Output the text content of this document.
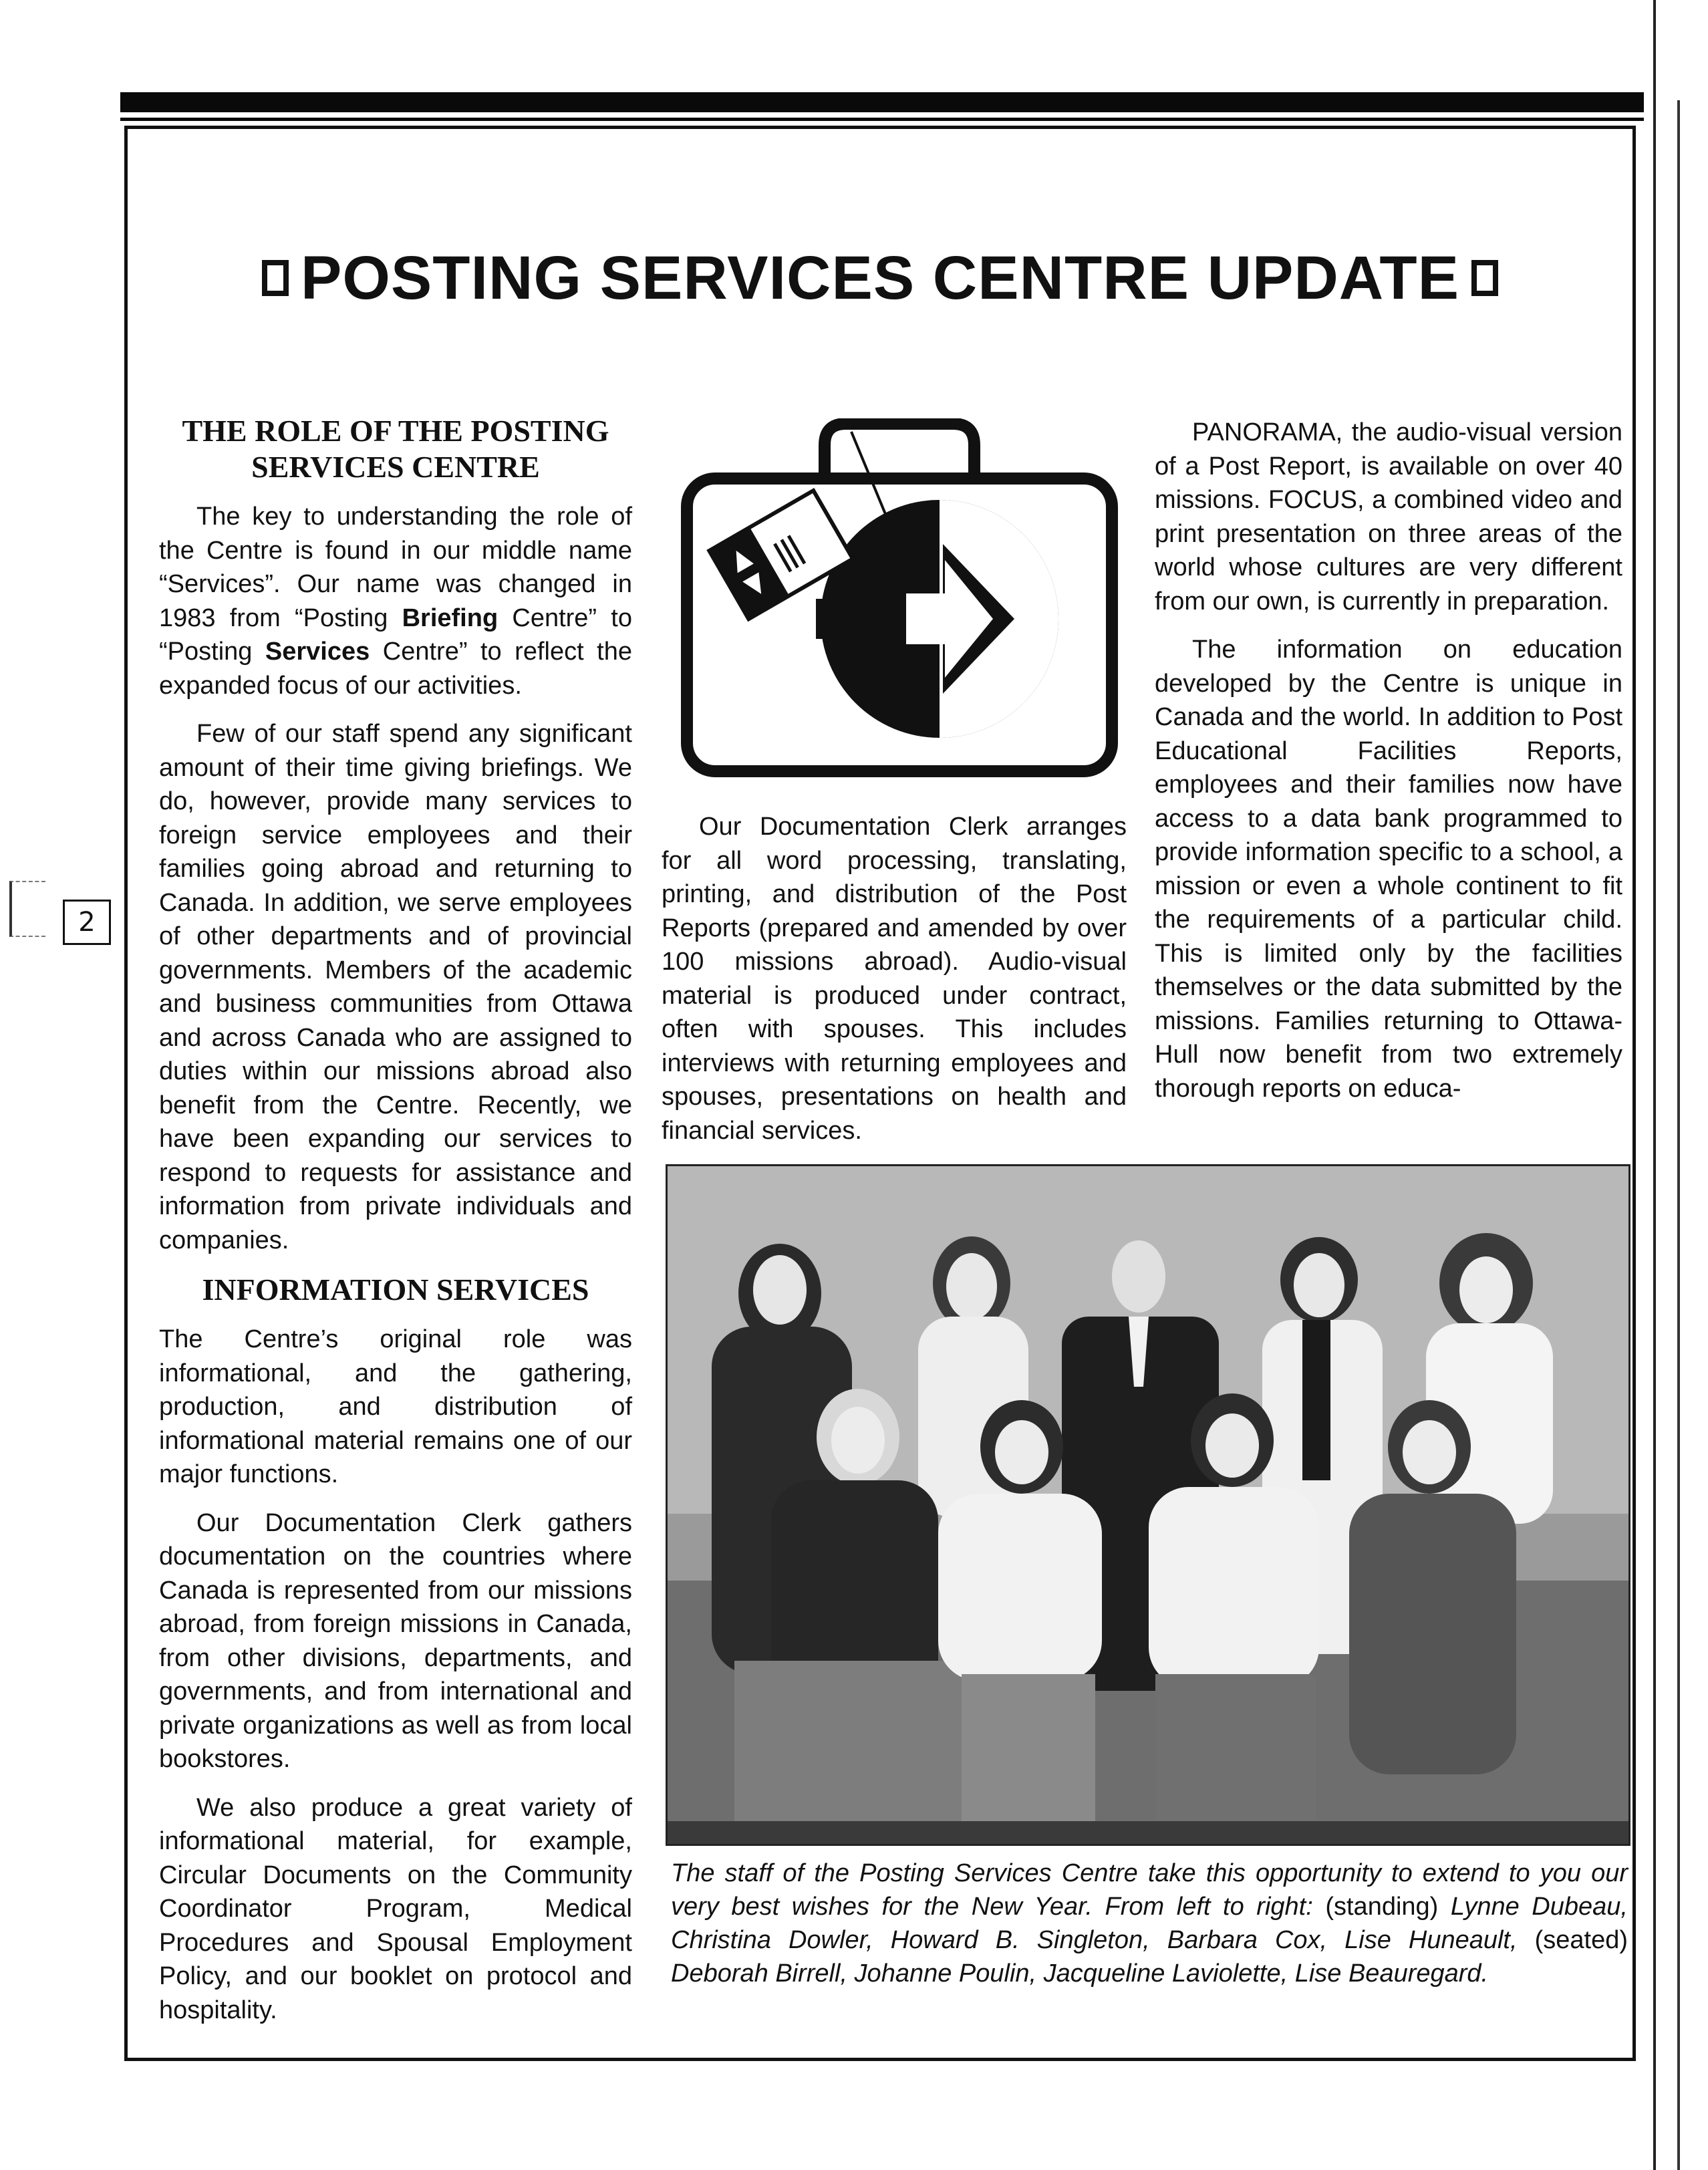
2
POSTING SERVICES CENTRE UPDATE
THE ROLE OF THE POSTING SERVICES CENTRE

The key to understanding the role of the Centre is found in our middle name “Services”. Our name was changed in 1983 from “Posting Briefing Centre” to “Posting Services Centre” to reflect the expanded focus of our activities.

Few of our staff spend any significant amount of their time giving briefings. We do, however, provide many services to foreign service employees and their families going abroad and returning to Canada. In addition, we serve employees of other departments and of provincial governments. Members of the academic and business communities from Ottawa and across Canada who are assigned to duties within our missions abroad also benefit from the Centre. Recently, we have been expanding our services to respond to requests for assistance and information from private individuals and companies.

INFORMATION SERVICES

The Centre’s original role was informational, and the gathering, production, and distribution of informational material remains one of our major functions.

Our Documentation Clerk gathers documentation on the countries where Canada is represented from our missions abroad, from foreign missions in Canada, from other divisions, departments, and governments, and from international and private organizations as well as from local bookstores.

We also produce a great variety of informational material, for example, Circular Documents on the Community Coordinator Program, Medical Procedures and Spousal Employment Policy, and our booklet on protocol and hospitality.

Our Documentation Clerk arranges for all word processing, translating, printing, and distribution of the Post Reports (prepared and amended by over 100 missions abroad). Audio-visual material is produced under contract, often with spouses. This includes interviews with returning employees and spouses, presentations on health and financial services.

PANORAMA, the audio-visual version of a Post Report, is available on over 40 missions. FOCUS, a combined video and print presentation on three areas of the world whose cultures are very different from our own, is currently in preparation.

The information on education developed by the Centre is unique in Canada and the world. In addition to Post Educational Facilities Reports, employees and their families now have access to a data bank programmed to provide information specific to a school, a mission or even a whole continent to fit the requirements of a particular child. This is limited only by the facilities themselves or the data submitted by the missions. Families returning to Ottawa-Hull now benefit from two extremely thorough reports on educa-

The staff of the Posting Services Centre take this opportunity to extend to you our very best wishes for the New Year. From left to right: (standing) Lynne Dubeau, Christina Dowler, Howard B. Singleton, Barbara Cox, Lise Huneault, (seated) Deborah Birrell, Johanne Poulin, Jacqueline Laviolette, Lise Beauregard.
